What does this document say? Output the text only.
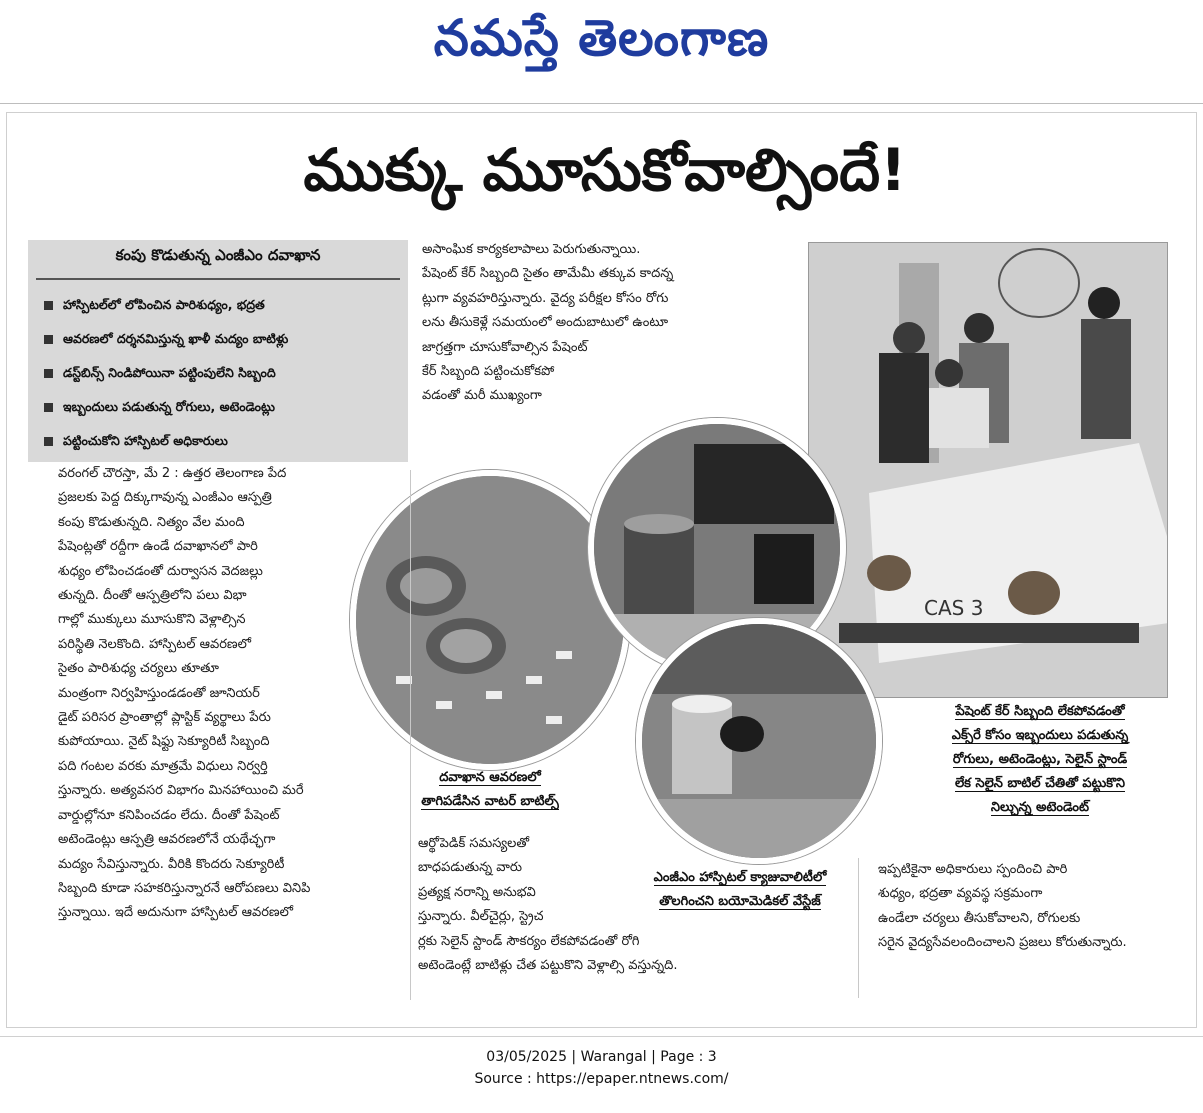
నమస్తే తెలంగాణ
ముక్కు మూసుకోవాల్సిందే!
కంపు కొడుతున్న ఎంజీఎం దవాఖాన
హాస్పిటల్‌లో లోపించిన పారిశుధ్యం, భద్రత
ఆవరణలో దర్శనమిస్తున్న ఖాళీ మద్యం బాటిళ్లు
డస్ట్‌బిన్స్ నిండిపోయినా పట్టింపులేని సిబ్బంది
ఇబ్బందులు పడుతున్న రోగులు, అటెండెంట్లు
పట్టించుకోని హాస్పిటల్ అధికారులు

వరంగల్ చౌరస్తా, మే 2 : ఉత్తర తెలంగాణ పేద

ప్రజలకు పెద్ద దిక్కుగావున్న ఎంజీఎం ఆస్పత్రి

కంపు కొడుతున్నది. నిత్యం వేల మంది

పేషెంట్లతో రద్దీగా ఉండే దవాఖానలో పారి

శుధ్యం లోపించడంతో దుర్వాసన వెదజల్లు

తున్నది. దీంతో ఆస్పత్రిలోని పలు విభా

గాల్లో ముక్కులు మూసుకొని వెళ్లాల్సిన

పరిస్థితి నెలకొంది. హాస్పిటల్ ఆవరణలో

సైతం పారిశుధ్య చర్యలు తూతూ

మంత్రంగా నిర్వహిస్తుండడంతో జూనియర్

డైట్ పరిసర ప్రాంతాల్లో ప్లాస్టిక్ వ్యర్థాలు పేరు

కుపోయాయి. నైట్ షిఫ్టు సెక్యూరిటీ సిబ్బంది

పది గంటల వరకు మాత్రమే విధులు నిర్వర్తి

స్తున్నారు. అత్యవసర విభాగం మినహాయించి మరే

వార్డుల్లోనూ కనిపించడం లేదు. దీంతో పేషెంట్

అటెండెంట్లు ఆస్పత్రి ఆవరణలోనే యథేచ్ఛగా

మద్యం సేవిస్తున్నారు. వీరికి కొందరు సెక్యూరిటీ

సిబ్బంది కూడా సహకరిస్తున్నారనే ఆరోపణలు వినిపి

స్తున్నాయి. ఇదే అదునుగా హాస్పిటల్ ఆవరణలో

అసాంఘిక కార్యకలాపాలు పెరుగుతున్నాయి.

పేషెంట్ కేర్ సిబ్బంది సైతం తామేమీ తక్కువ కాదన్న

ట్లుగా వ్యవహరిస్తున్నారు. వైద్య పరీక్షల కోసం రోగు

లను తీసుకెళ్లే సమయంలో అందుబాటులో ఉంటూ

జాగ్రత్తగా చూసుకోవాల్సిన పేషెంట్

కేర్ సిబ్బంది పట్టించుకోకపో

వడంతో మరీ ముఖ్యంగా

CAS 3

పేషెంట్ కేర్ సిబ్బంది లేకపోవడంతో

ఎక్స్‌రే కోసం ఇబ్బందులు పడుతున్న

రోగులు, అటెండెంట్లు, సెలైన్ స్టాండ్

లేక సెలైన్ బాటిల్ చేతితో పట్టుకొని

నిల్చున్న అటెండెంట్

దవాఖాన ఆవరణలో

తాగిపడేసిన వాటర్ బాటిల్స్

ఆర్థోపెడిక్ సమస్యలతో

బాధపడుతున్న వారు

ప్రత్యక్ష నరాన్ని అనుభవి

స్తున్నారు. వీల్‌చైర్లు, స్ట్రెచ

ర్లకు సెలైన్ స్టాండ్ సౌకర్యం లేకపోవడంతో రోగి

అటెండెంట్లే బాటిళ్లు చేత పట్టుకొని వెళ్లాల్సి వస్తున్నది.

ఎంజీఎం హాస్పిటల్ క్యాజువాలిటీలో

తొలగించని బయోమెడికల్ వేస్టేజ్

ఇప్పటికైనా అధికారులు స్పందించి పారి

శుధ్యం, భద్రతా వ్యవస్థ సక్రమంగా

ఉండేలా చర్యలు తీసుకోవాలని, రోగులకు

సరైన వైద్యసేవలందించాలని ప్రజలు కోరుతున్నారు.

03/05/2025 | Warangal | Page : 3

Source : https://epaper.ntnews.com/
